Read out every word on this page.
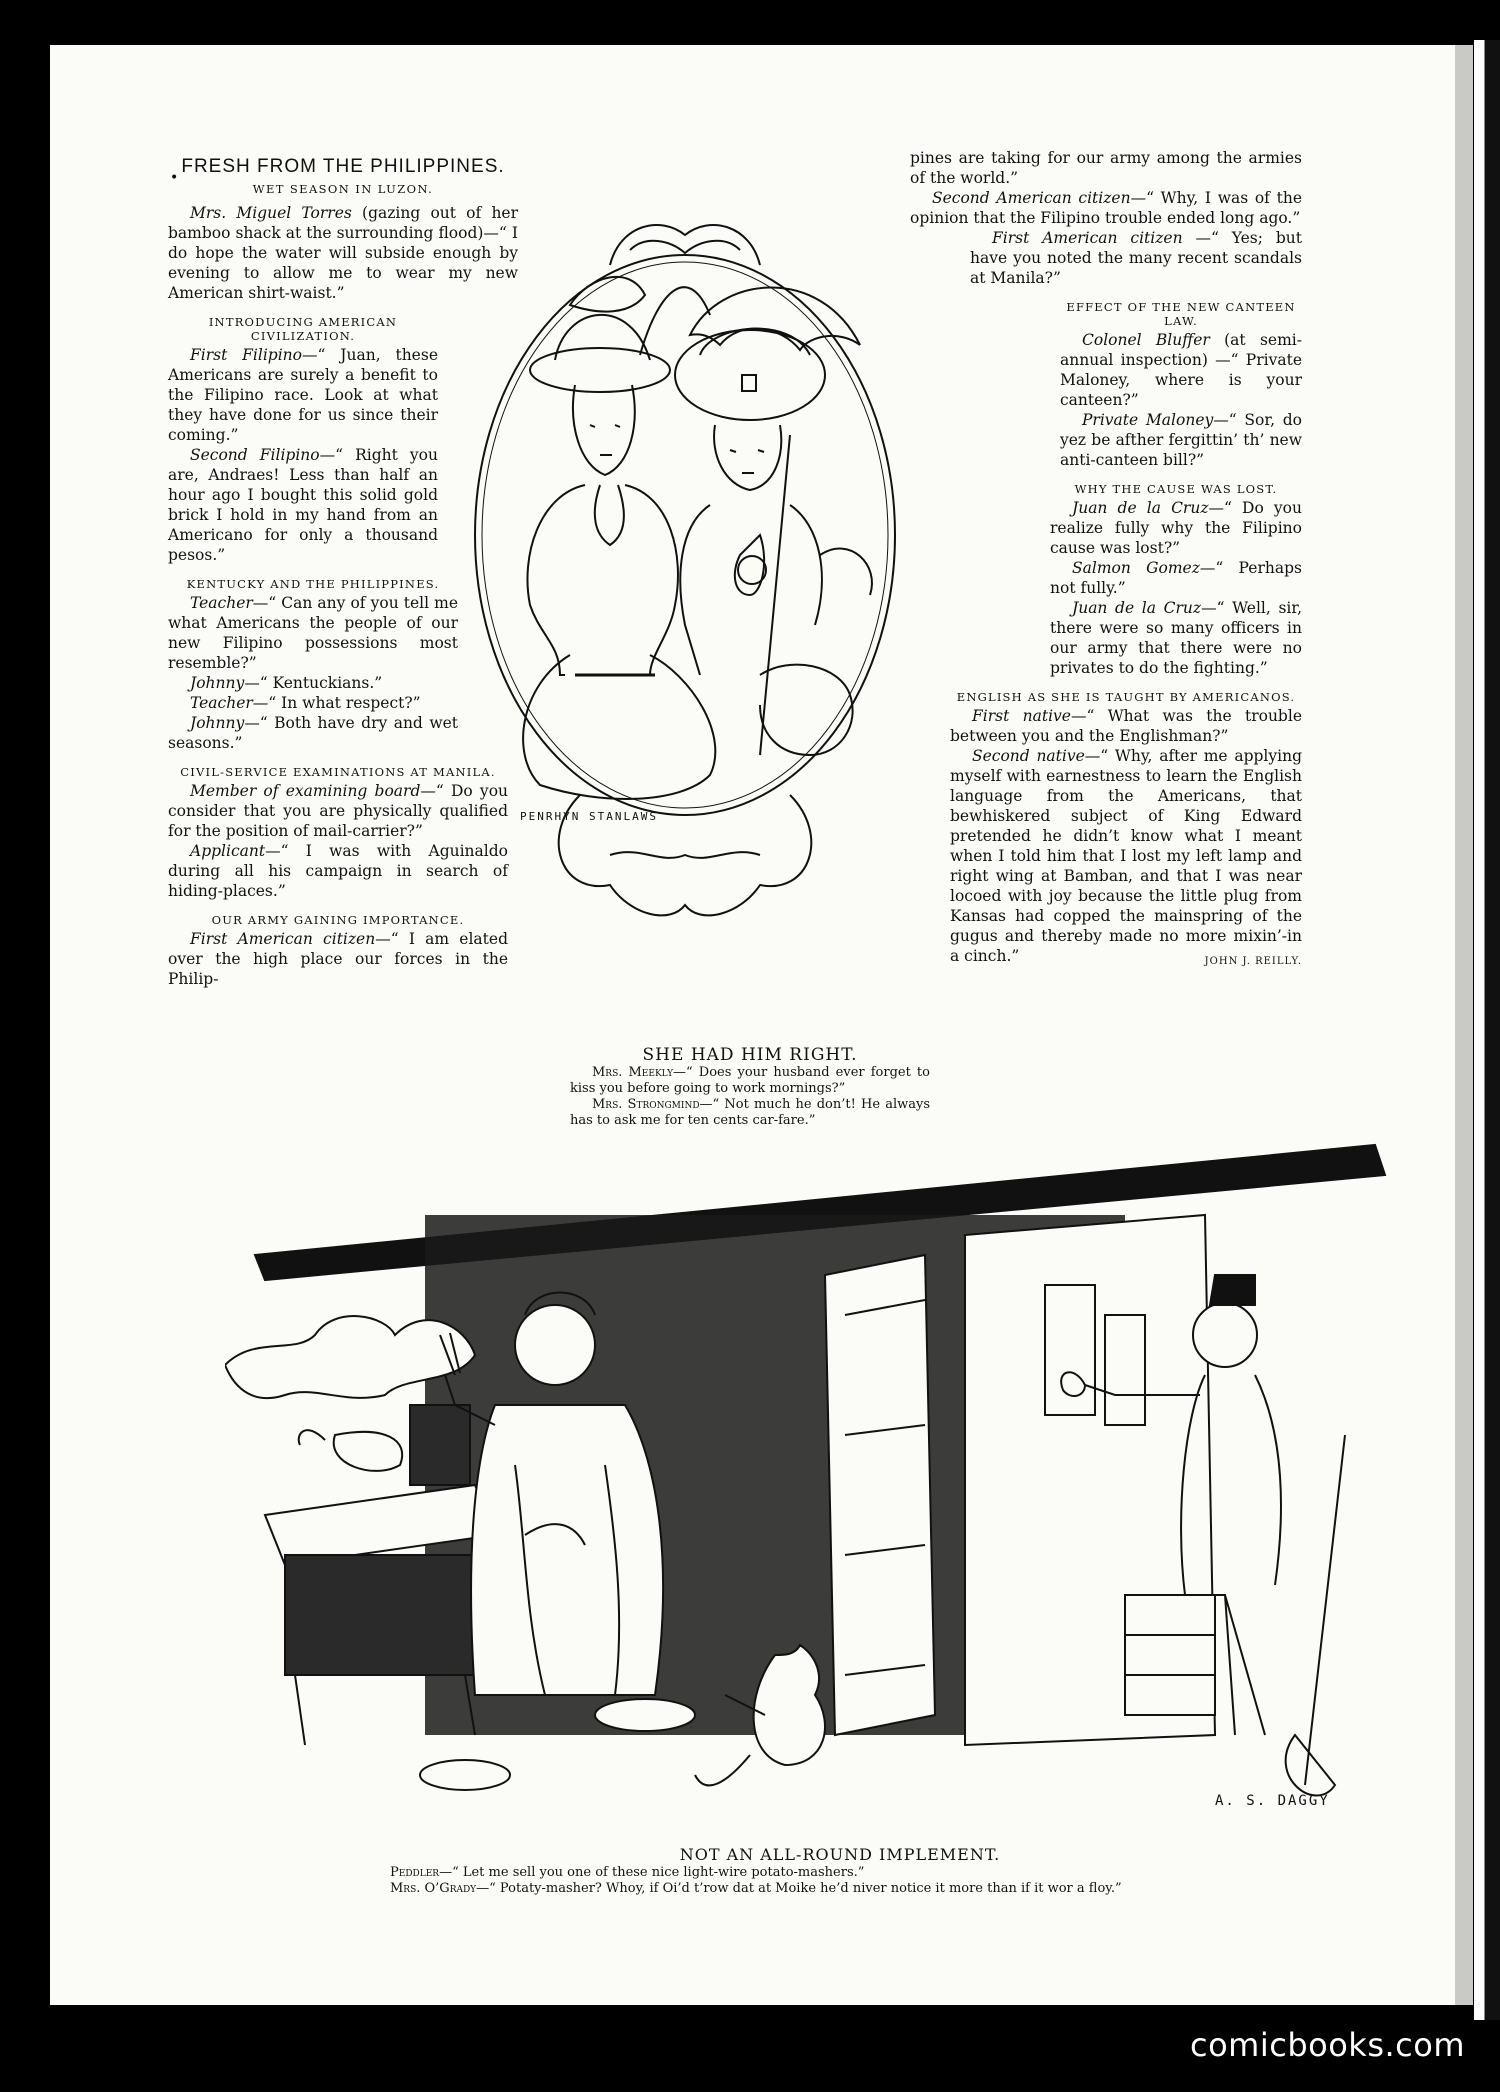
•
FRESH FROM THE PHILIPPINES.
WET SEASON IN LUZON.

Mrs. Miguel Torres (gazing out of her bamboo shack at the surrounding flood)—“ I do hope the water will subside enough by evening to allow me to wear my new American shirt-waist.”

INTRODUCING AMERICAN CIVILIZATION.

First Filipino—“ Juan, these Americans are surely a benefit to the Filipino race. Look at what they have done for us since their coming.”

Second Filipino—“ Right you are, Andraes! Less than half an hour ago I bought this solid gold brick I hold in my hand from an Americano for only a thousand pesos.”

KENTUCKY AND THE PHILIPPINES.

Teacher—“ Can any of you tell me what Americans the people of our new Filipino possessions most resemble?”

Johnny—“ Kentuckians.”

Teacher—“ In what respect?”

Johnny—“ Both have dry and wet seasons.”

CIVIL-SERVICE EXAMINATIONS AT MANILA.

Member of examining board—“ Do you consider that you are physically qualified for the position of mail-carrier?”

Applicant—“ I was with Aguinaldo during all his campaign in search of hiding-places.”

OUR ARMY GAINING IMPORTANCE.

First American citizen—“ I am elated over the high place our forces in the Philip-

pines are taking for our army among the armies of the world.”

Second American citizen—“ Why, I was of the opinion that the Filipino trouble ended long ago.”

First American citizen —“ Yes; but have you noted the many recent scandals at Manila?”

EFFECT OF THE NEW CANTEEN LAW.

Colonel Bluffer (at semi-annual inspection) —“ Private Maloney, where is your canteen?”

Private Maloney—“ Sor, do yez be afther fergittin’ th’ new anti-canteen bill?”

WHY THE CAUSE WAS LOST.

Juan de la Cruz—“ Do you realize fully why the Filipino cause was lost?”

Salmon Gomez—“ Perhaps not fully.”

Juan de la Cruz—“ Well, sir, there were so many officers in our army that there were no privates to do the fighting.”

ENGLISH AS SHE IS TAUGHT BY AMERICANOS.

First native—“ What was the trouble between you and the Englishman?”

Second native—“ Why, after me applying myself with earnestness to learn the English language from the Americans, that bewhiskered subject of King Edward pretended he didn’t know what I meant when I told him that I lost my left lamp and right wing at Bamban, and that I was near locoed with joy because the little plug from Kansas had copped the mainspring of the gugus and thereby made no more mixin’-in a cinch.”	JOHN J. REILLY.
PENRHYN STANLAWS
SHE HAD HIM RIGHT.

Mrs. Meekly—“ Does your husband ever forget to kiss you before going to work mornings?”

Mrs. Strongmind—“ Not much he don’t! He always has to ask me for ten cents car-fare.”

A. S. DAGGY
NOT AN ALL-ROUND IMPLEMENT.

Peddler—“ Let me sell you one of these nice light-wire potato-mashers.”

Mrs. O’Grady—“ Potaty-masher? Whoy, if Oi’d t’row dat at Moike he’d niver notice it more than if it wor a floy.”

comicbooks.com
